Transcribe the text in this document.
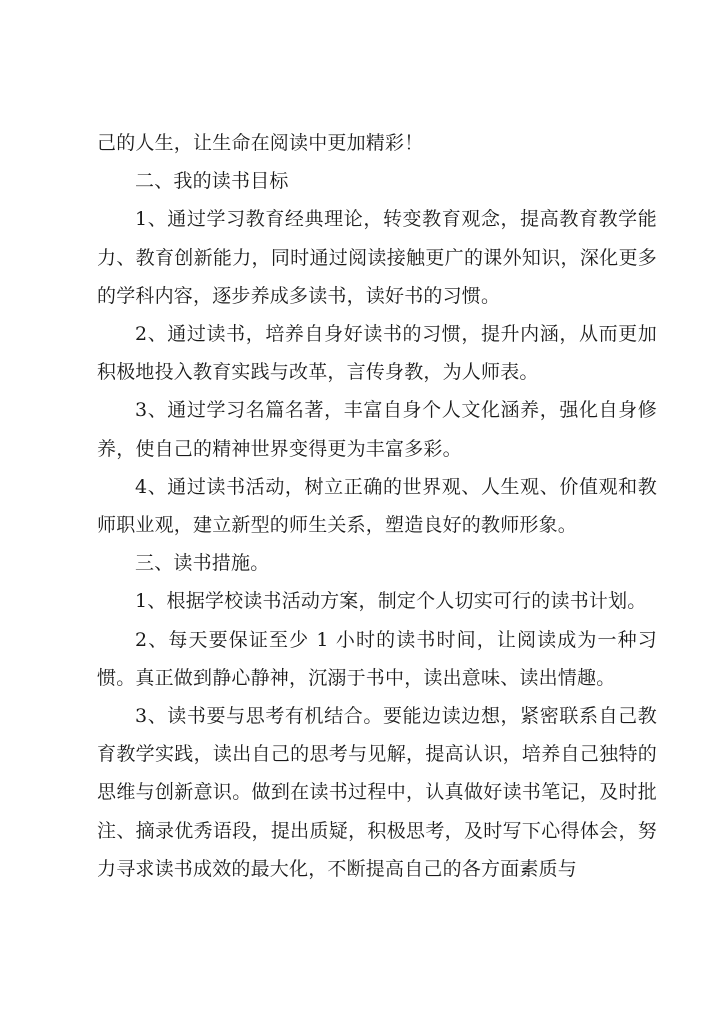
己的人生，让生命在阅读中更加精彩！

二、我的读书目标

1、通过学习教育经典理论，转变教育观念，提高教育教学能力、教育创新能力，同时通过阅读接触更广的课外知识，深化更多的学科内容，逐步养成多读书，读好书的习惯。

2、通过读书，培养自身好读书的习惯，提升内涵，从而更加积极地投入教育实践与改革，言传身教，为人师表。

3、通过学习名篇名著，丰富自身个人文化涵养，强化自身修养，使自己的精神世界变得更为丰富多彩。

4、通过读书活动，树立正确的世界观、人生观、价值观和教师职业观，建立新型的师生关系，塑造良好的教师形象。

三、读书措施。

1、根据学校读书活动方案，制定个人切实可行的读书计划。

2、每天要保证至少 1 小时的读书时间，让阅读成为一种习惯。真正做到静心静神，沉溺于书中，读出意味、读出情趣。

3、读书要与思考有机结合。要能边读边想，紧密联系自己教育教学实践，读出自己的思考与见解，提高认识，培养自己独特的思维与创新意识。做到在读书过程中，认真做好读书笔记，及时批注、摘录优秀语段，提出质疑，积极思考，及时写下心得体会，努力寻求读书成效的最大化，不断提高自己的各方面素质与
